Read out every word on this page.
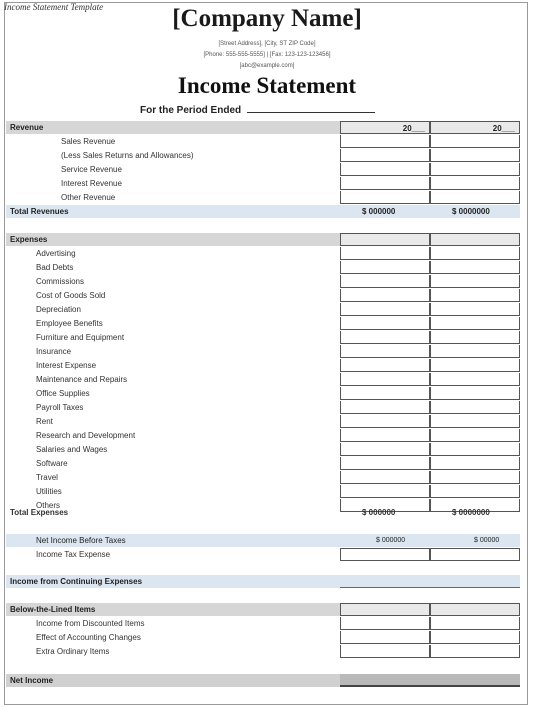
Income Statement Template	[Company Name]
[Street Address], [City, ST ZIP Code]
[Phone: 555-555-5555] | [Fax: 123-123-123456]
[abc@example.com]
Income Statement
For the Period Ended
Revenue	20___	20___
Sales Revenue
(Less Sales Returns and Allowances)
Service Revenue
Interest Revenue
Other Revenue
Total Revenues	$ 000000	$ 0000000
Expenses
Advertising
Bad Debts
Commissions
Cost of Goods Sold
Depreciation
Employee Benefits
Furniture and Equipment
Insurance
Interest Expense
Maintenance and Repairs
Office Supplies
Payroll Taxes
Rent
Research and Development
Salaries and Wages
Software
Travel
Utilities
Others
Total Expenses	$ 000000	$ 0000000
Net Income Before Taxes	$ 000000	$ 00000
Income Tax Expense
Income from Continuing Expenses
Below-the-Lined Items
Income from Discounted Items
Effect of Accounting Changes
Extra Ordinary Items
Net Income
